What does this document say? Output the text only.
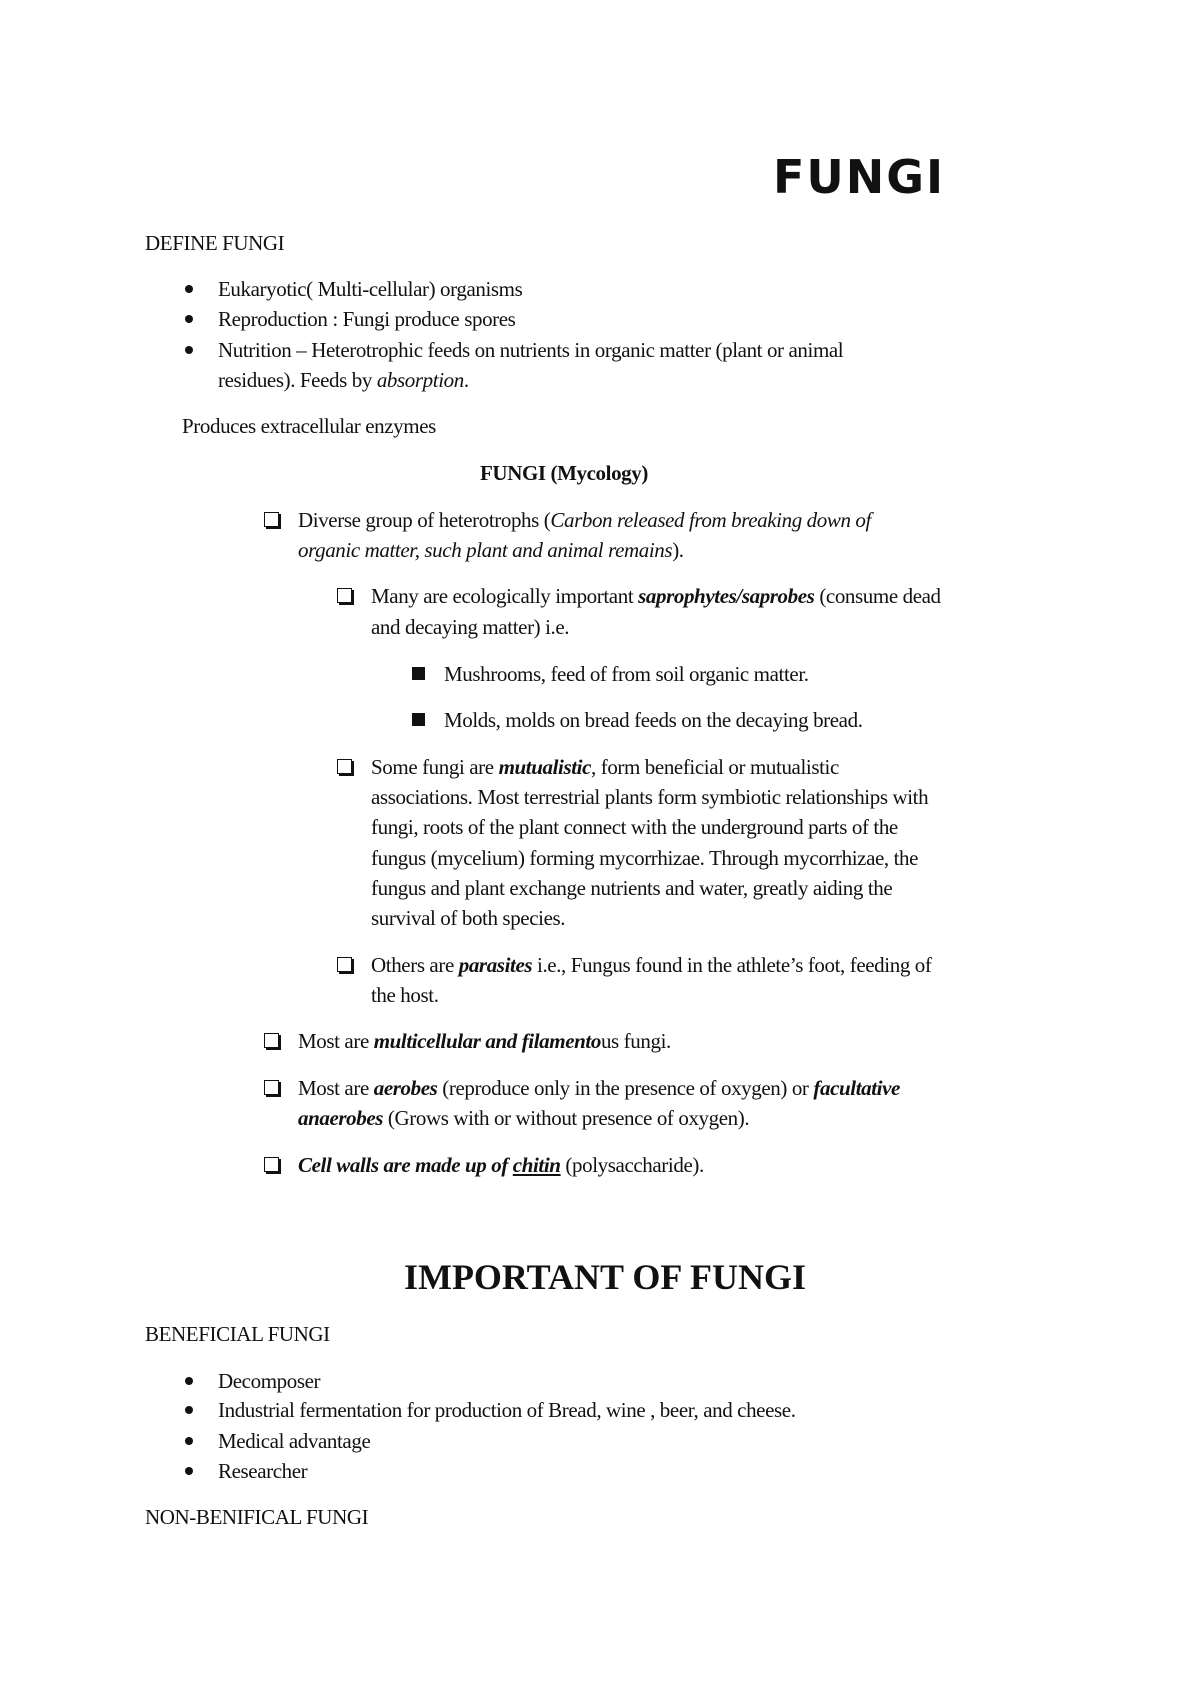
FUNGI
DEFINE FUNGI
Eukaryotic( Multi-cellular) organisms
Reproduction : Fungi produce spores
Nutrition – Heterotrophic feeds on nutrients in organic matter (plant or animal
residues). Feeds by absorption.
Produces extracellular enzymes
FUNGI (Mycology)
Diverse group of heterotrophs (Carbon released from breaking down of
organic matter, such plant and animal remains).
Many are ecologically important saprophytes/saprobes (consume dead
and decaying matter) i.e.
Mushrooms, feed of from soil organic matter.
Molds, molds on bread feeds on the decaying bread.
Some fungi are mutualistic, form beneficial or mutualistic
associations. Most terrestrial plants form symbiotic relationships with
fungi, roots of the plant connect with the underground parts of the
fungus (mycelium) forming mycorrhizae. Through mycorrhizae, the
fungus and plant exchange nutrients and water, greatly aiding the
survival of both species.
Others are parasites i.e., Fungus found in the athlete’s foot, feeding of
the host.
Most are multicellular and filamentous fungi.
Most are aerobes (reproduce only in the presence of oxygen) or facultative
anaerobes (Grows with or without presence of oxygen).
Cell walls are made up of chitin (polysaccharide).
IMPORTANT OF FUNGI
BENEFICIAL FUNGI
Decomposer
Industrial fermentation for production of Bread, wine , beer, and cheese.
Medical advantage
Researcher
NON-BENIFICAL FUNGI
